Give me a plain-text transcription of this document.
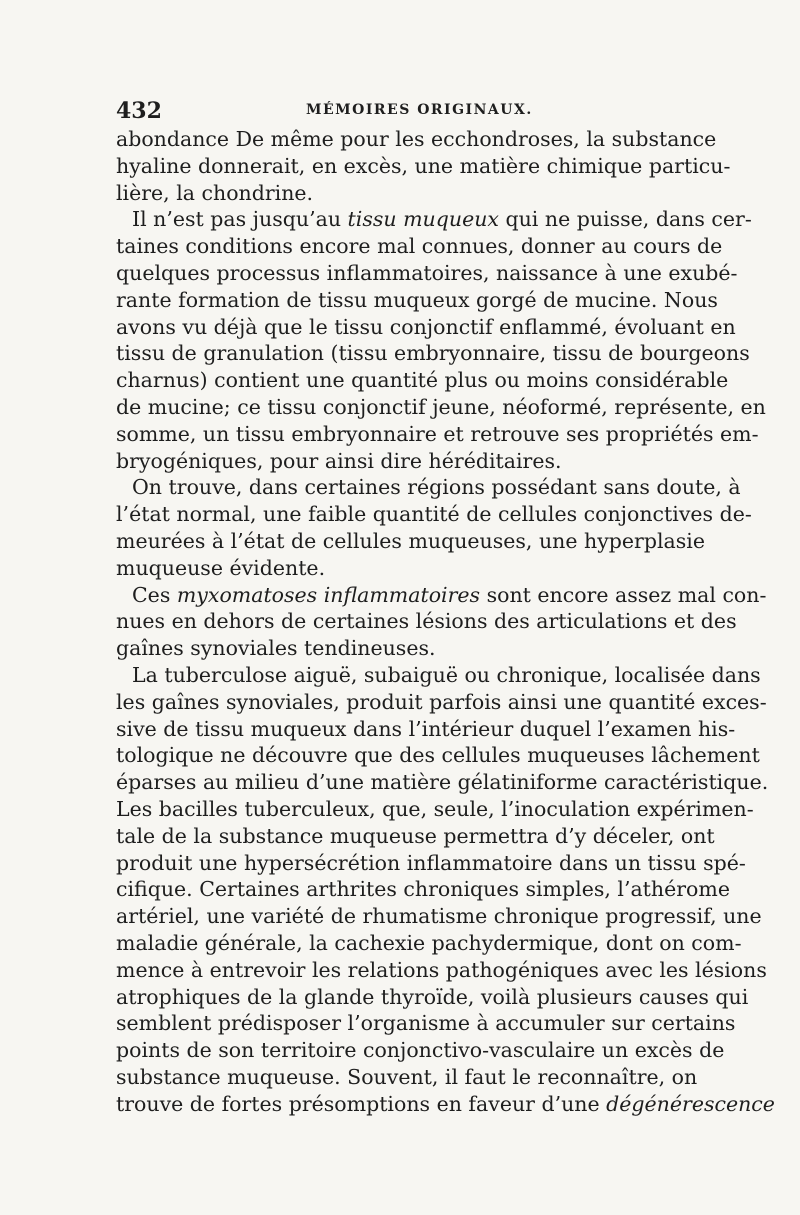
432	MÉMOIRES ORIGINAUX.
abondance De même pour les ecchondroses, la substance
hyaline donnerait, en excès, une matière chimique particu-
lière, la chondrine.
Il n’est pas jusqu’au tissu muqueux qui ne puisse, dans cer-
taines conditions encore mal connues, donner au cours de
quelques processus inflammatoires, naissance à une exubé-
rante formation de tissu muqueux gorgé de mucine. Nous
avons vu déjà que le tissu conjonctif enflammé, évoluant en
tissu de granulation (tissu embryonnaire, tissu de bourgeons
charnus) contient une quantité plus ou moins considérable
de mucine; ce tissu conjonctif jeune, néoformé, représente, en
somme, un tissu embryonnaire et retrouve ses propriétés em-
bryogéniques, pour ainsi dire héréditaires.
On trouve, dans certaines régions possédant sans doute, à
l’état normal, une faible quantité de cellules conjonctives de-
meurées à l’état de cellules muqueuses, une hyperplasie
muqueuse évidente.
Ces myxomatoses inflammatoires sont encore assez mal con-
nues en dehors de certaines lésions des articulations et des
gaînes synoviales tendineuses.
La tuberculose aiguë, subaiguë ou chronique, localisée dans
les gaînes synoviales, produit parfois ainsi une quantité exces-
sive de tissu muqueux dans l’intérieur duquel l’examen his-
tologique ne découvre que des cellules muqueuses lâchement
éparses au milieu d’une matière gélatiniforme caractéristique.
Les bacilles tuberculeux, que, seule, l’inoculation expérimen-
tale de la substance muqueuse permettra d’y déceler, ont
produit une hypersécrétion inflammatoire dans un tissu spé-
cifique. Certaines arthrites chroniques simples, l’athérome
artériel, une variété de rhumatisme chronique progressif, une
maladie générale, la cachexie pachydermique, dont on com-
mence à entrevoir les relations pathogéniques avec les lésions
atrophiques de la glande thyroïde, voilà plusieurs causes qui
semblent prédisposer l’organisme à accumuler sur certains
points de son territoire conjonctivo-vasculaire un excès de
substance muqueuse. Souvent, il faut le reconnaître, on
trouve de fortes présomptions en faveur d’une dégénérescence
